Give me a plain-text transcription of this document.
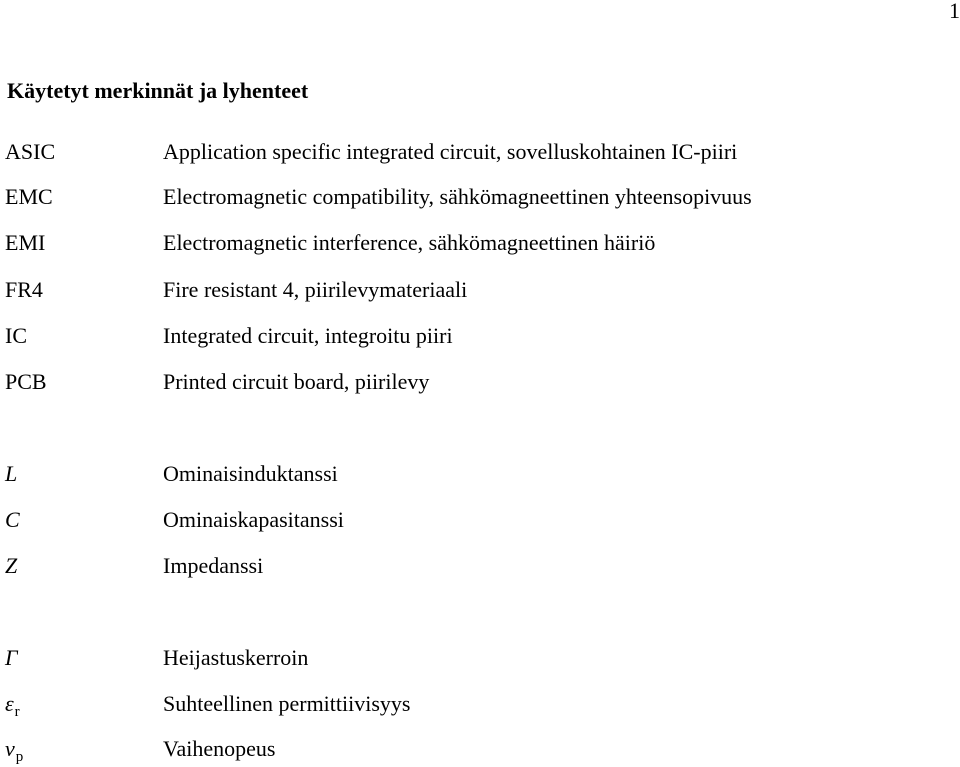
1
Käytetyt merkinnät ja lyhenteet
ASIC	Application specific integrated circuit, sovelluskohtainen IC-piiri
EMC	Electromagnetic compatibility, sähkömagneettinen yhteensopivuus
EMI	Electromagnetic interference, sähkömagneettinen häiriö
FR4	Fire resistant 4, piirilevymateriaali
IC	Integrated circuit, integroitu piiri
PCB	Printed circuit board, piirilevy
L	Ominaisinduktanssi
C	Ominaiskapasitanssi
Z	Impedanssi
Γ	Heijastuskerroin
$\varepsilon_r$	Suhteellinen permittiivisyys
$v_p$	Vaihenopeus
